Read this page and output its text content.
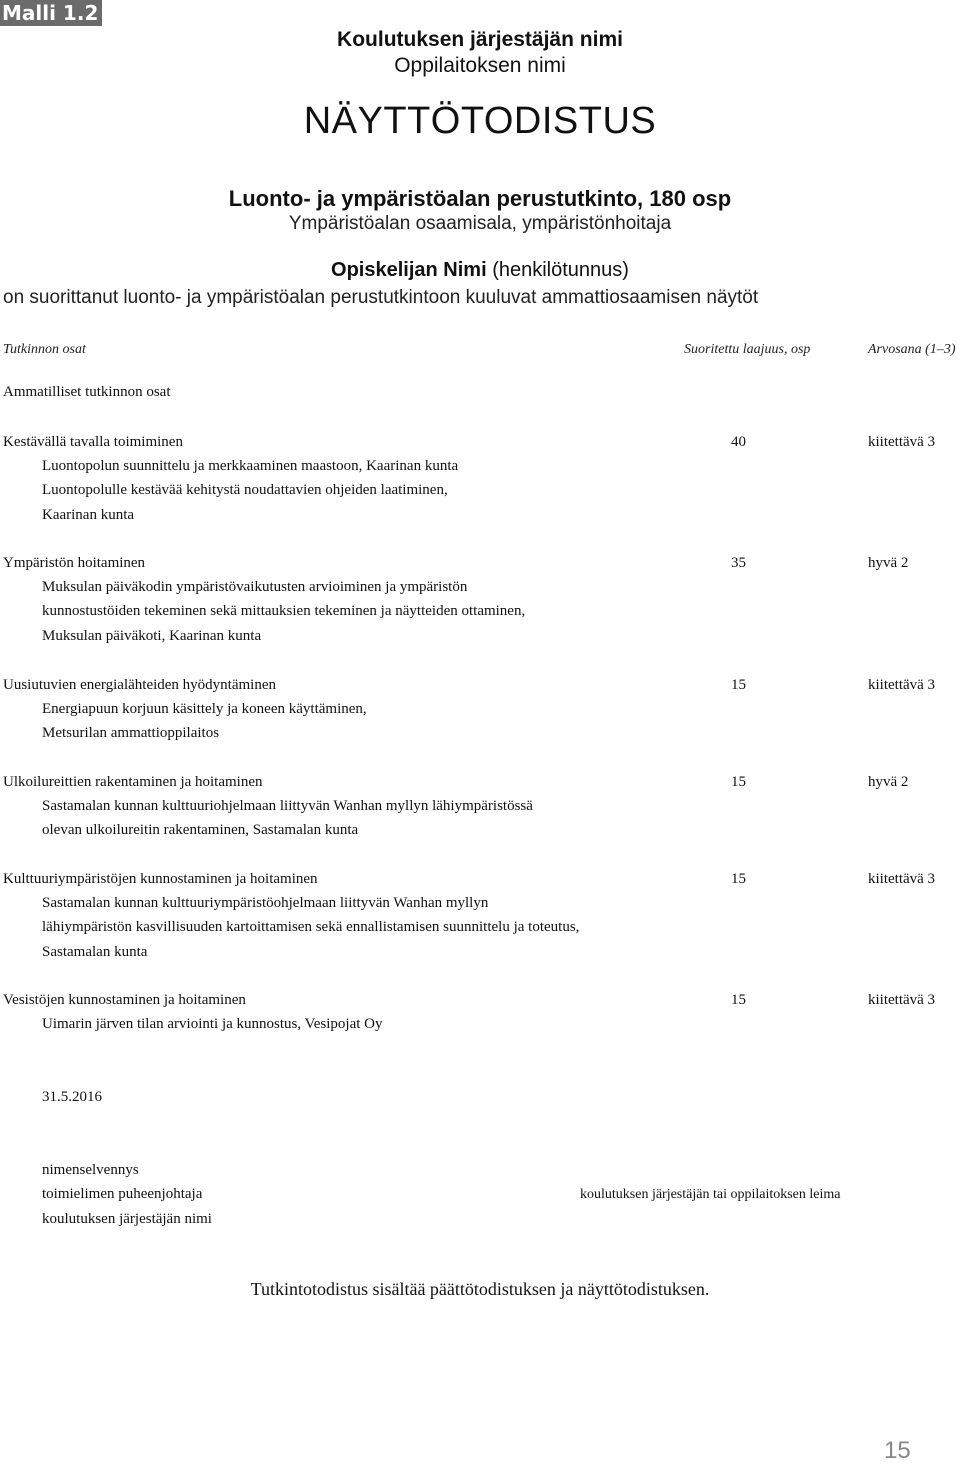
Malli 1.2
Koulutuksen järjestäjän nimi
Oppilaitoksen nimi
NÄYTTÖTODISTUS
Luonto- ja ympäristöalan perustutkinto, 180 osp
Ympäristöalan osaamisala, ympäristönhoitaja
Opiskelijan Nimi (henkilötunnus)
on suorittanut luonto- ja ympäristöalan perustutkintoon kuuluvat ammattiosaamisen näytöt
Tutkinnon osat	Suoritettu laajuus, osp	Arvosana (1–3)
Ammatilliset tutkinnon osat
Kestävällä tavalla toimiminen	40	kiitettävä 3
Luontopolun suunnittelu ja merkkaaminen maastoon, Kaarinan kunta
Luontopolulle kestävää kehitystä noudattavien ohjeiden laatiminen,
Kaarinan kunta
Ympäristön hoitaminen	35	hyvä 2
Muksulan päiväkodin ympäristövaikutusten arvioiminen ja ympäristön
kunnostustöiden tekeminen sekä mittauksien tekeminen ja näytteiden ottaminen,
Muksulan päiväkoti, Kaarinan kunta
Uusiutuvien energialähteiden hyödyntäminen	15	kiitettävä 3
Energiapuun korjuun käsittely ja koneen käyttäminen,
Metsurilan ammattioppilaitos
Ulkoilureittien rakentaminen ja hoitaminen	15	hyvä 2
Sastamalan kunnan kulttuuriohjelmaan liittyvän Wanhan myllyn lähiympäristössä
olevan ulkoilureitin rakentaminen, Sastamalan kunta
Kulttuuriympäristöjen kunnostaminen ja hoitaminen	15	kiitettävä 3
Sastamalan kunnan kulttuuriympäristöohjelmaan liittyvän Wanhan myllyn
lähiympäristön kasvillisuuden kartoittamisen sekä ennallistamisen suunnittelu ja toteutus,
Sastamalan kunta
Vesistöjen kunnostaminen ja hoitaminen	15	kiitettävä 3
Uimarin järven tilan arviointi ja kunnostus, Vesipojat Oy
31.5.2016
nimenselvennys
toimielimen puheenjohtaja
koulutuksen järjestäjän nimi
koulutuksen järjestäjän tai oppilaitoksen leima
Tutkintotodistus sisältää päättötodistuksen ja näyttötodistuksen.
15
